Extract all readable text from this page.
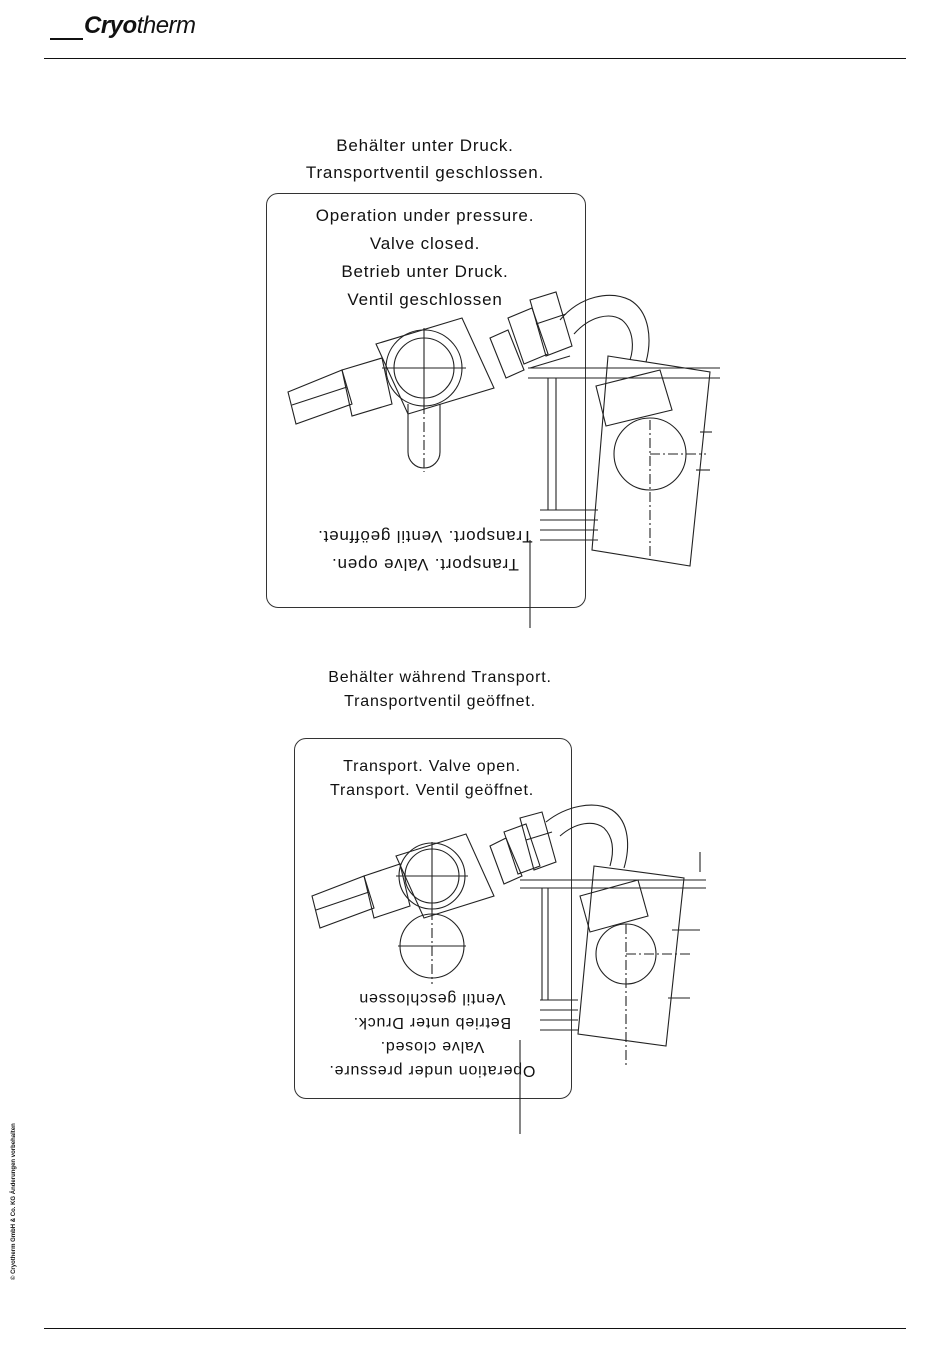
Cryotherm
Behälter unter Druck.
Transportventil geschlossen.
Operation under pressure.
Valve closed.
Betrieb unter Druck.
Ventil geschlossen
Transport. Valve open.
Transport. Ventil geöffnet.
Behälter während Transport.
Transportventil geöffnet.
Transport. Valve open.
Transport. Ventil geöffnet.
Operation under pressure.
Valve closed.
Betrieb unter Druck.
Ventil geschlossen
© Cryotherm GmbH & Co. KG Änderungen vorbehalten
